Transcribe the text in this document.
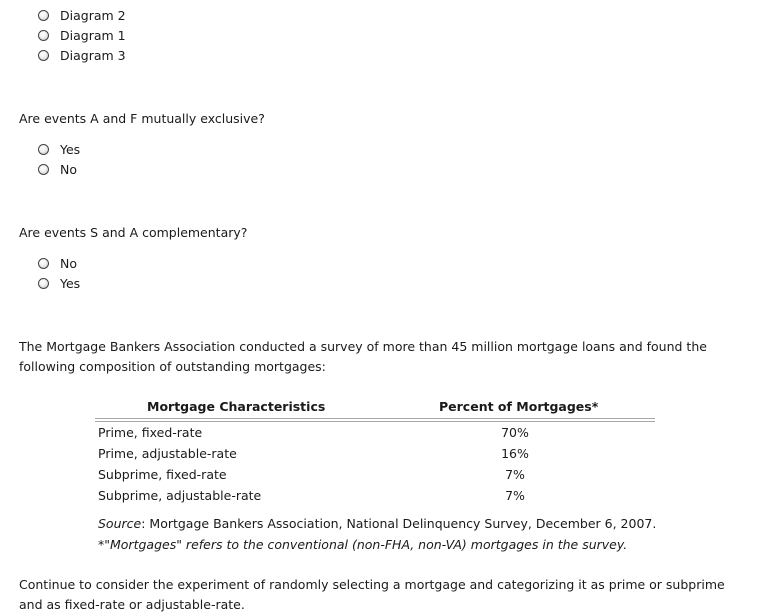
Diagram 2
Diagram 1
Diagram 3
Are events A and F mutually exclusive?
Yes
No
Are events S and A complementary?
No
Yes
The Mortgage Bankers Association conducted a survey of more than 45 million mortgage loans and found the following composition of outstanding mortgages:
Mortgage Characteristics	Percent of Mortgages*
Prime, fixed-rate	70%
Prime, adjustable-rate	16%
Subprime, fixed-rate	7%
Subprime, adjustable-rate	7%
Source: Mortgage Bankers Association, National Delinquency Survey, December 6, 2007.
*"Mortgages" refers to the conventional (non-FHA, non-VA) mortgages in the survey.
Continue to consider the experiment of randomly selecting a mortgage and categorizing it as prime or subprime and as fixed-rate or adjustable-rate.
